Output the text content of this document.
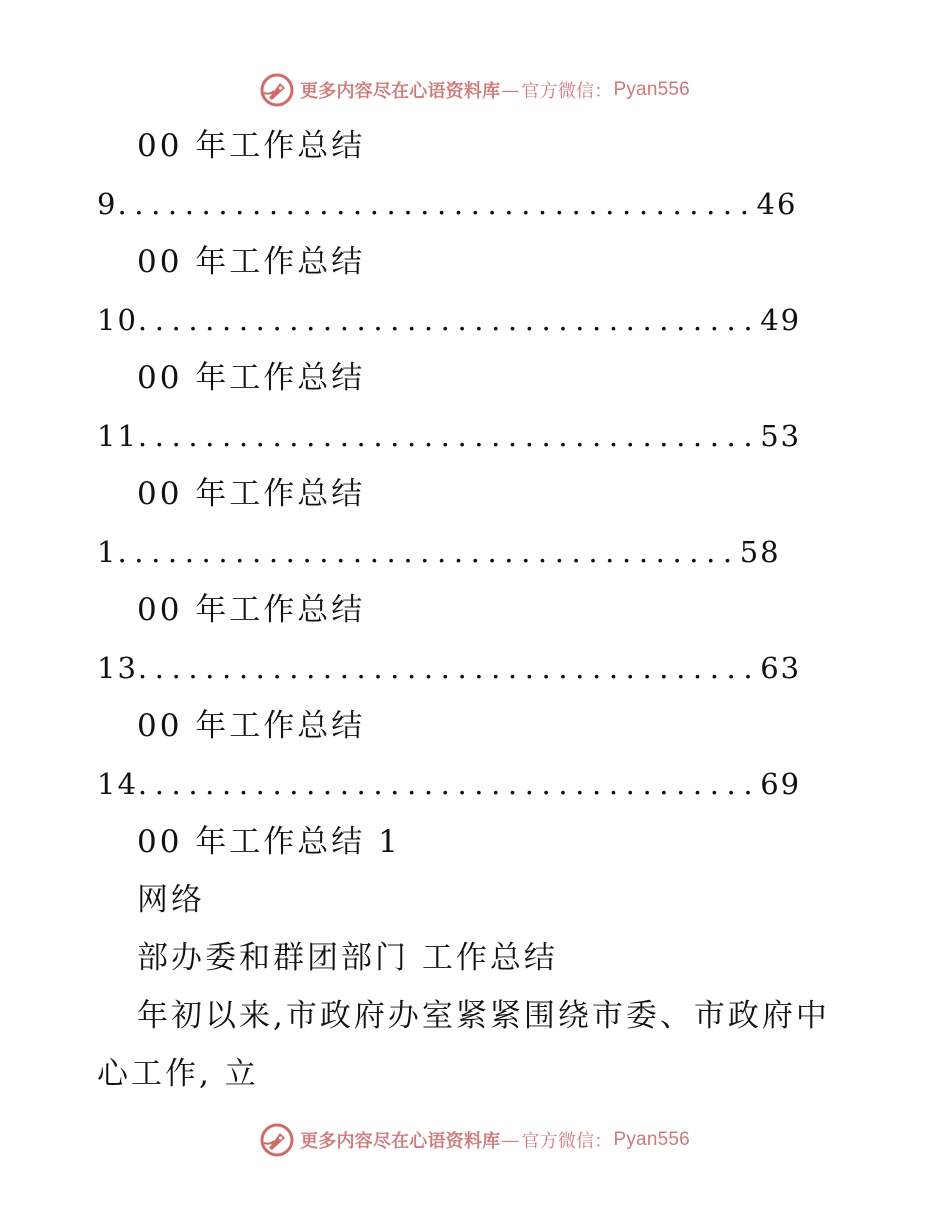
更多内容尽在心语资料库 — 官方微信： Pyan556
00 年工作总结
9 ...................................... 46
00 年工作总结
10 ..................................... 49
00 年工作总结
11 ..................................... 53
00 年工作总结
1 ..................................... 58
00 年工作总结
13 ..................................... 63
00 年工作总结
14 ..................................... 69
00 年工作总结 1
网络
部办委和群团部门 工作总结
年初以来,市政府办室紧紧围绕市委、市政府中
心工作, 立
更多内容尽在心语资料库 — 官方微信： Pyan556
